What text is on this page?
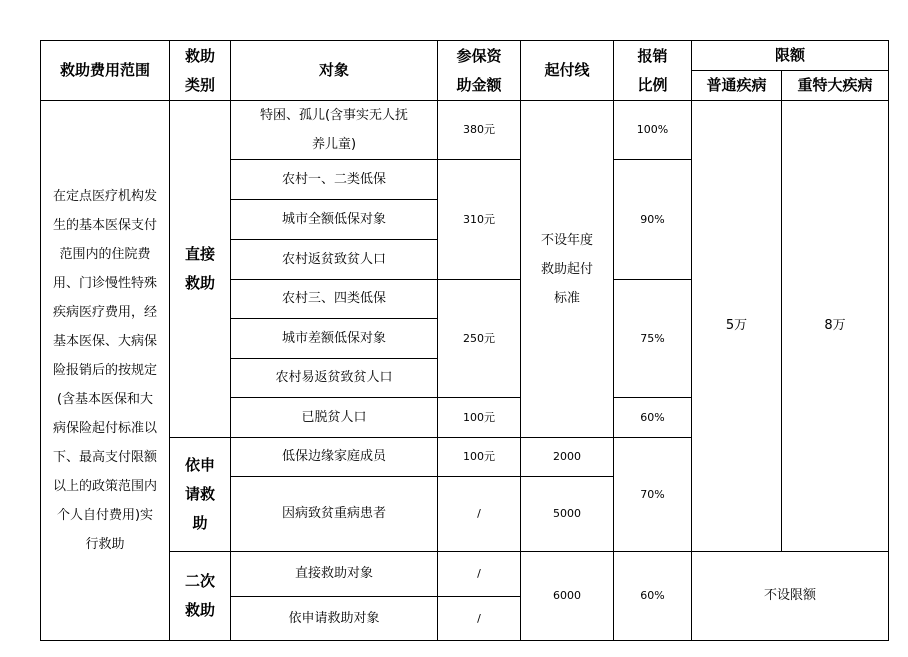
救助费用范围	救助类别	对象	参保资助金额	起付线	报销比例	限额	
						普通疾病	重特大疾病
在定点医疗机构发生的基本医保支付范围内的住院费用、门诊慢性特殊疾病医疗费用，经基本医保、大病保险报销后的按规定(含基本医保和大病保险起付标准以下、最高支付限额以上的政策范围内个人自付费用)实行救助	直接救助	特困、孤儿(含事实无人抚养儿童)	380元	不设年度救助起付标准	100%	5万	8万
		农村一、二类低保	310元		90%		
		城市全额低保对象					
		农村返贫致贫人口					
		农村三、四类低保	250元		75%		
		城市差额低保对象					
		农村易返贫致贫人口					
		已脱贫人口	100元		60%		
	依申请救助	低保边缘家庭成员	100元	2000	70%		
		因病致贫重病患者	/	5000			
	二次救助	直接救助对象	/	6000	60%	不设限额	
		依申请救助对象	/				
